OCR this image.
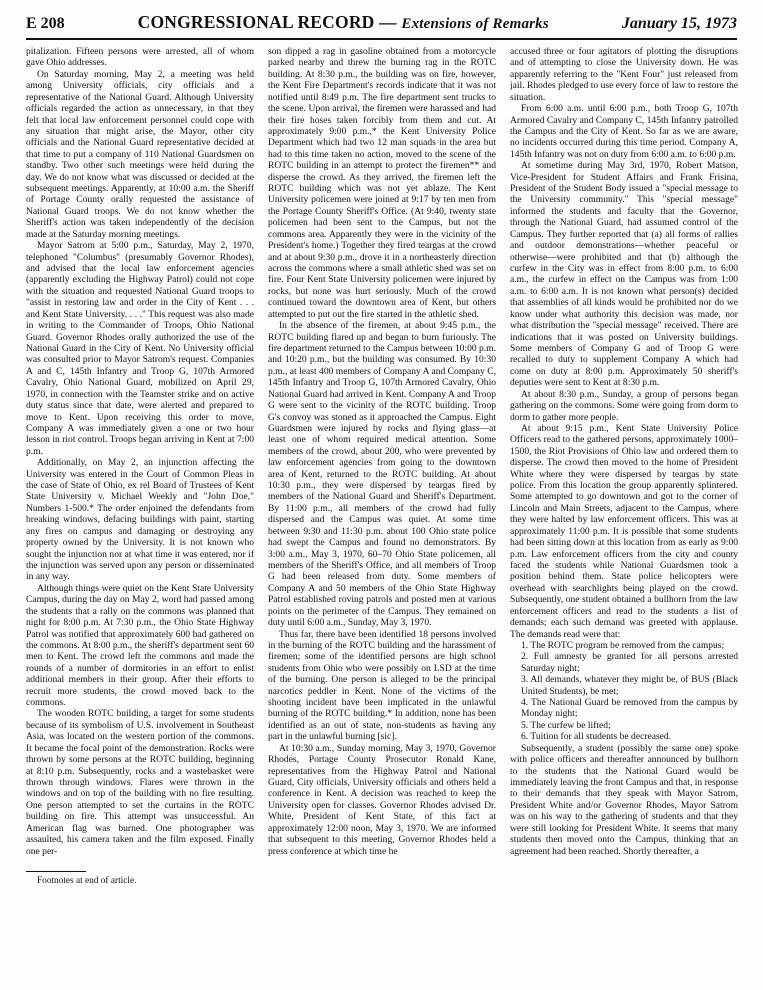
E 208	CONGRESSIONAL RECORD — Extensions of Remarks	January 15, 1973

pitalization. Fifteen persons were arrested, all of whom gave Ohio addresses.

On Saturday morning, May 2, a meeting was held among University officials, city officials and a representative of the National Guard. Although University officials regarded the action as unnecessary, in that they felt that local law enforcement personnel could cope with any situation that might arise, the Mayor, other city officials and the National Guard representative decided at that time to put a company of 110 National Guardsmen on standby. Two other such meetings were held during the day. We do not know what was discussed or decided at the subsequent meetings. Apparently, at 10:00 a.m. the Sheriff of Portage County orally requested the assistance of National Guard troops. We do not know whether the Sheriff's action was taken independently of the decision made at the Saturday morning meetings.

Mayor Satrom at 5:00 p.m., Saturday, May 2, 1970, telephoned "Columbus" (presumably Governor Rhodes), and advised that the local law enforcement agencies (apparently excluding the Highway Patrol) could not cope with the situation and requested National Guard troops to "assist in restoring law and order in the City of Kent . . . and Kent State University. . . ." This request was also made in writing to the Commander of Troops, Ohio National Guard. Governor Rhodes orally authorized the use of the National Guard in the City of Kent. No University official was consulted prior to Mayor Satrom's request. Companies A and C, 145th Infantry and Troop G, 107th Armored Cavalry, Ohio National Guard, mobilized on April 29, 1970, in connection with the Teamster strike and on active duty status since that date, were alerted and prepared to move to Kent. Upon receiving this order to move, Company A was immediately given a one or two hour lesson in riot control. Troops began arriving in Kent at 7:00 p.m.

Additionally, on May 2, an injunction affecting the University was entered in the Court of Common Pleas in the case of State of Ohio, ex rel Board of Trustees of Kent State University v. Michael Weekly and "John Doe," Numbers 1-500.* The order enjoined the defendants from breaking windows, defacing buildings with paint, starting any fires on campus and damaging or destroying any property owned by the University. It is not known who sought the injunction nor at what time it was entered, nor if the injunction was served upon any person or disseminated in any way.

Although things were quiet on the Kent State University Campus, during the day on May 2, word had passed among the students that a rally on the commons was planned that night for 8:00 p.m. At 7:30 p.m., the Ohio State Highway Patrol was notified that approximately 600 had gathered on the commons. At 8:00 p.m., the sheriff's department sent 60 men to Kent. The crowd left the commons and made the rounds of a number of dormitories in an effort to enlist additional members in their group. After their efforts to recruit more students, the crowd moved back to the commons.

The wooden ROTC building, a target for some students because of its symbolism of U.S. involvement in Southeast Asia, was located on the western portion of the commons. It became the focal point of the demonstration. Rocks were thrown by some persons at the ROTC building, beginning at 8:10 p.m. Subsequently, rocks and a wastebasket were thrown through windows. Flares were thrown in the windows and on top of the building with no fire resulting. One person attempted to set the curtains in the ROTC building on fire. This attempt was unsuccessful. An American flag was burned. One photographer was assaulted, his camera taken and the film exposed. Finally one per-

Footnotes at end of article.

son dipped a rag in gasoline obtained from a motorcycle parked nearby and threw the burning rag in the ROTC building. At 8:30 p.m., the building was on fire, however, the Kent Fire Department's records indicate that it was not notified until 8:49 p.m. The fire department sent trucks to the scene. Upon arrival, the firemen were harassed and had their fire hoses taken forcibly from them and cut. At approximately 9:00 p.m.,* the Kent University Police Department which had two 12 man squads in the area but had to this time taken no action, moved to the scene of the ROTC building in an attempt to protect the firemen** and disperse the crowd. As they arrived, the firemen left the ROTC building which was not yet ablaze. The Kent University policemen were joined at 9:17 by ten men from the Portage County Sheriff's Office. (At 9:40, twenty state policemen had been sent to the Campus, but not the commons area. Apparently they were in the vicinity of the President's home.) Together they fired teargas at the crowd and at about 9:30 p.m., drove it in a northeasterly direction across the commons where a small athletic shed was set on fire. Four Kent State University policemen were injured by rocks, but none was hurt seriously. Much of the crowd continued toward the downtown area of Kent, but others attempted to put out the fire started in the athletic shed.

In the absence of the firemen, at about 9:45 p.m., the ROTC building flared up and began to burn furiously. The fire department returned to the Campus between 10:00 p.m. and 10:20 p.m., but the building was consumed. By 10:30 p.m., at least 400 members of Company A and Company C, 145th Infantry and Troop G, 107th Armored Cavalry, Ohio National Guard had arrived in Kent. Company A and Troop G were sent to the vicinity of the ROTC building. Troop G's convoy was stoned as it approached the Campus. Eight Guardsmen were injured by rocks and flying glass—at least one of whom required medical attention. Some members of the crowd, about 200, who were prevented by law enforcement agencies from going to the downtown area of Kent, returned to the ROTC building. At about 10:30 p.m., they were dispersed by teargas fired by members of the National Guard and Sheriff's Department. By 11:00 p.m., all members of the crowd had fully dispersed and the Campus was quiet. At some time between 9:30 and 11:30 p.m. about 100 Ohio state police had swept the Campus and found no demonstrators. By 3:00 a.m., May 3, 1970, 60–70 Ohio State policemen, all members of the Sheriff's Office, and all members of Troop G had been released from duty. Some members of Company A and 50 members of the Ohio State Highway Patrol established roving patrols and posted men at various points on the perimeter of the Campus. They remained on duty until 6:00 a.m., Sunday, May 3, 1970.

Thus far, there have been identified 18 persons involved in the burning of the ROTC building and the harassment of firemen; some of the identified persons are high school students from Ohio who were possibly on LSD at the time of the burning. One person is alleged to be the principal narcotics peddler in Kent. None of the victims of the shooting incident have been implicated in the unlawful burning of the ROTC building.* In addition, none has been identified as an out of state, non-students as having any part in the unlawful burning [sic].

At 10:30 a.m., Sunday morning, May 3, 1970, Governor Rhodes, Portage County Prosecutor Ronald Kane, representatives from the Highway Patrol and National Guard, City officials, University officials and others held a conference in Kent. A decision was reached to keep the University open for classes. Governor Rhodes advised Dr. White, President of Kent State, of this fact at approximately 12:00 noon, May 3, 1970. We are informed that subsequent to this meeting, Governor Rhodes held a press conference at which time he

accused three or four agitators of plotting the disruptions and of attempting to close the University down. He was apparently referring to the "Kent Four" just released from jail. Rhodes pledged to use every force of law to restore the situation.

From 6:00 a.m. until 6:00 p.m., both Troop G, 107th Armored Cavalry and Company C, 145th Infantry patrolled the Campus and the City of Kent. So far as we are aware, no incidents occurred during this time period. Company A, 145th Infantry was not on duty from 6:00 a.m. to 6:00 p.m.

At sometime during May 3rd, 1970, Robert Matson, Vice-President for Student Affairs and Frank Frisina, President of the Student Body issued a "special message to the University community." This "special message" informed the students and faculty that the Governor, through the National Guard, had assumed control of the Campus. They further reported that (a) all forms of rallies and outdoor demonstrations—whether peaceful or otherwise—were prohibited and that (b) although the curfew in the City was in effect from 8:00 p.m. to 6:00 a.m., the curfew in effect on the Campus was from 1:00 a.m. to 6:00 a.m. It is not known what person(s) decided that assemblies of all kinds would be prohibited nor do we know under what authority this decision was made, nor what distribution the "special message" received. There are indications that it was posted on University buildings. Some members of Company G and of Troop G were recalled to duty to supplement Company A which had come on duty at 8:00 p.m. Approximately 50 sheriff's deputies were sent to Kent at 8:30 p.m.

At about 8:30 p.m., Sunday, a group of persons began gathering on the commons. Some were going from dorm to dorm to gather more people.

At about 9:15 p.m., Kent State University Police Officers read to the gathered persons, approximately 1000–1500, the Riot Provisions of Ohio law and ordered them to disperse. The crowd then moved to the home of President White where they were dispersed by teargas by state police. From this location the group apparently splintered. Some attempted to go downtown and got to the corner of Lincoln and Main Streets, adjacent to the Campus, where they were halted by law enforcement officers. This was at approximately 11:00 p.m. It is possible that some students had been sitting down at this location from as early as 9:00 p.m. Law enforcement officers from the city and county faced the students while National Guardsmen took a position behind them. State police helicopters were overhead with searchlights being played on the crowd. Subsequently, one student obtained a bullhorn from the law enforcement officers and read to the students a list of demands; each such demand was greeted with applause. The demands read were that:

1. The ROTC program be removed from the campus;

2. Full amnesty be granted for all persons arrested Saturday night;

3. All demands, whatever they might be, of BUS (Black United Students), be met;

4. The National Guard be removed from the campus by Monday night;

5. The curfew be lifted;

6. Tuition for all students be decreased.

Subsequently, a student (possibly the same one) spoke with police officers and thereafter announced by bullhorn to the students that the National Guard would be immediately leaving the front Campus and that, in response to their demands that they speak with Mayor Satrom, President White and/or Governor Rhodes, Mayor Satrom was on his way to the gathering of students and that they were still looking for President White. It seems that many students then moved onto the Campus, thinking that an agreement had been reached. Shortly thereafter, a
